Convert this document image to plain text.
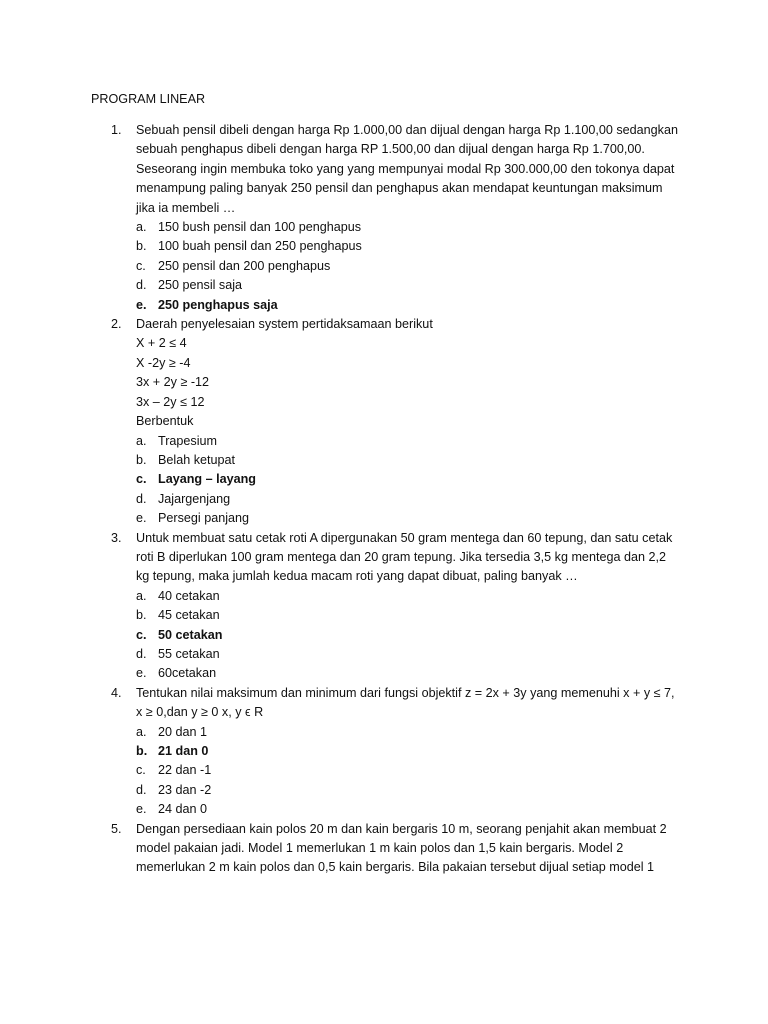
PROGRAM LINEAR
1. Sebuah pensil dibeli dengan harga Rp 1.000,00 dan dijual dengan harga Rp 1.100,00 sedangkan
sebuah penghapus dibeli dengan harga RP 1.500,00 dan dijual dengan harga Rp 1.700,00.
Seseorang ingin membuka toko yang yang mempunyai modal Rp 300.000,00 den tokonya dapat
menampung paling banyak 250 pensil dan penghapus akan mendapat keuntungan maksimum
jika ia membeli …
a. 150 bush pensil dan 100 penghapus
b. 100 buah pensil dan 250 penghapus
c. 250 pensil dan 200 penghapus
d. 250 pensil saja
e. 250 penghapus saja
2. Daerah penyelesaian system pertidaksamaan berikut
X + 2 ≤ 4
X -2y ≥ -4
3x + 2y ≥ -12
3x – 2y ≤ 12
Berbentuk
a. Trapesium
b. Belah ketupat
c. Layang – layang
d. Jajargenjang
e. Persegi panjang
3. Untuk membuat satu cetak roti A dipergunakan 50 gram mentega dan 60 tepung, dan satu cetak
roti B diperlukan 100 gram mentega dan 20 gram tepung. Jika tersedia 3,5 kg mentega dan 2,2
kg tepung, maka jumlah kedua macam roti yang dapat dibuat, paling banyak …
a. 40 cetakan
b. 45 cetakan
c. 50 cetakan
d. 55 cetakan
e. 60cetakan
4. Tentukan nilai maksimum dan minimum dari fungsi objektif z = 2x + 3y yang memenuhi x + y ≤ 7,
x ≥ 0,dan y ≥ 0 x, y ϵ R
a. 20 dan 1
b. 21 dan 0
c. 22 dan -1
d. 23 dan -2
e. 24 dan 0
5. Dengan persediaan kain polos 20 m dan kain bergaris 10 m, seorang penjahit akan membuat 2
model pakaian jadi. Model 1 memerlukan 1 m kain polos dan 1,5 kain bergaris. Model 2
memerlukan 2 m kain polos dan 0,5 kain bergaris. Bila pakaian tersebut dijual setiap model 1
